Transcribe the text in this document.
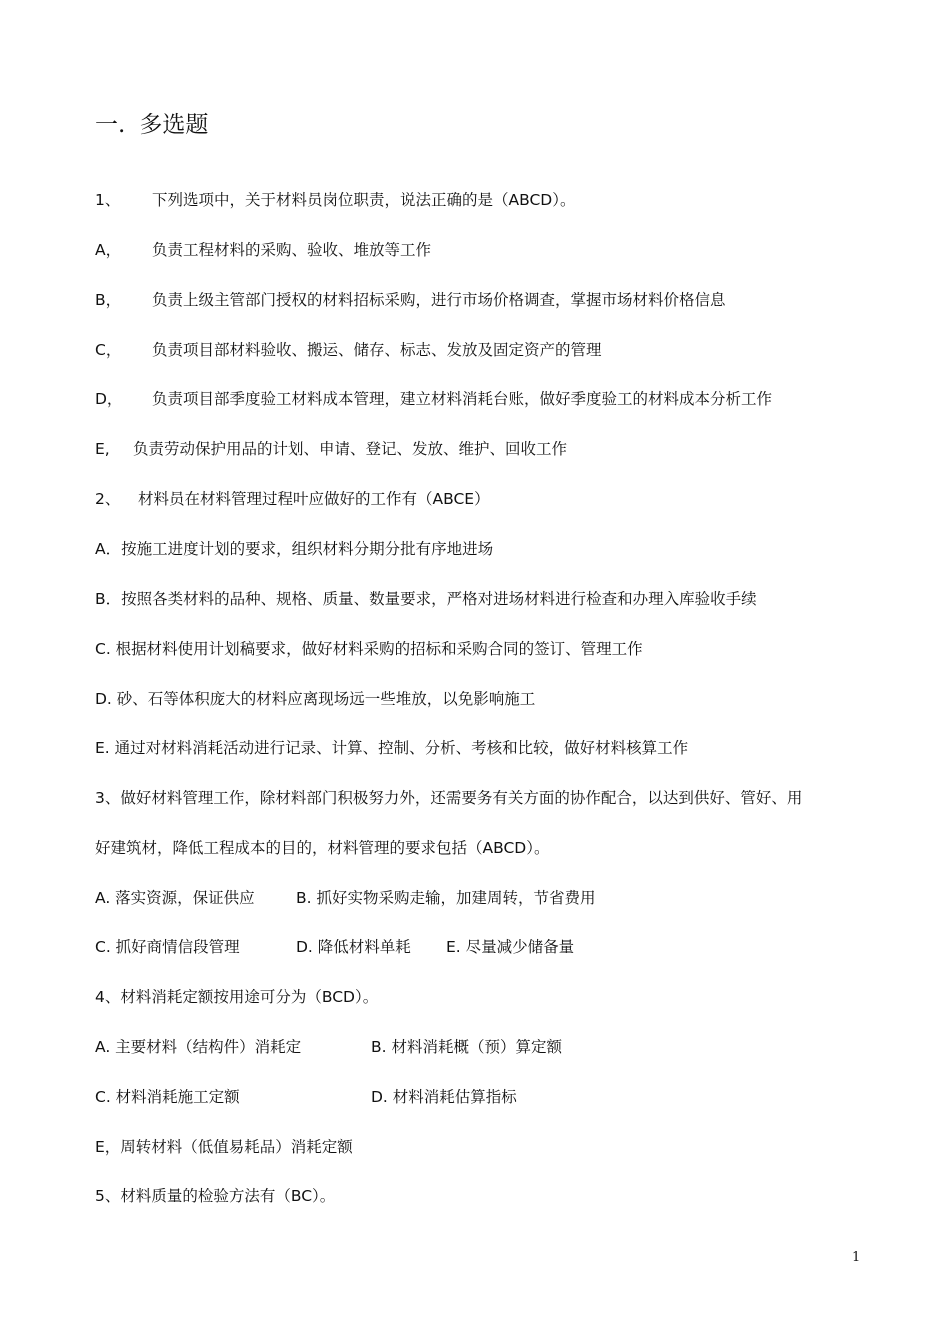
一. 多选题
1、 下列选项中，关于材料员岗位职责，说法正确的是（ABCD）。
A， 负责工程材料的采购、验收、堆放等工作
B， 负责上级主管部门授权的材料招标采购，进行市场价格调查，掌握市场材料价格信息
C， 负责项目部材料验收、搬运、储存、标志、发放及固定资产的管理
D， 负责项目部季度验工材料成本管理，建立材料消耗台账，做好季度验工的材料成本分析工作
E, 负责劳动保护用品的计划、申请、登记、发放、维护、回收工作
2、 材料员在材料管理过程叶应做好的工作有（ABCE）
A．按施工进度计划的要求，组织材料分期分批有序地进场
B．按照各类材料的品种、规格、质量、数量要求，严格对进场材料进行检查和办理入库验收手续
C. 根据材料使用计划稿要求，做好材料采购的招标和采购合同的签订、管理工作
D. 砂、石等体积庞大的材料应离现场远一些堆放，以免影响施工
E. 通过对材料消耗活动进行记录、计算、控制、分析、考核和比较，做好材料核算工作
3、做好材料管理工作，除材料部门积极努力外，还需要务有关方面的协作配合，以达到供好、管好、用
好建筑材，降低工程成本的目的，材料管理的要求包括（ABCD）。
A. 落实资源，保证供应	B. 抓好实物采购走输，加建周转，节省费用
C. 抓好商情信段管理	D. 降低材料单耗 E. 尽量减少储备量
4、材料消耗定额按用途可分为（BCD）。
A. 主要材料（结构件）消耗定	B. 材料消耗概（预）算定额
C. 材料消耗施工定额	D. 材料消耗估算指标
E，周转材料（低值易耗品）消耗定额
5、材料质量的检验方法有（BC）。
1
